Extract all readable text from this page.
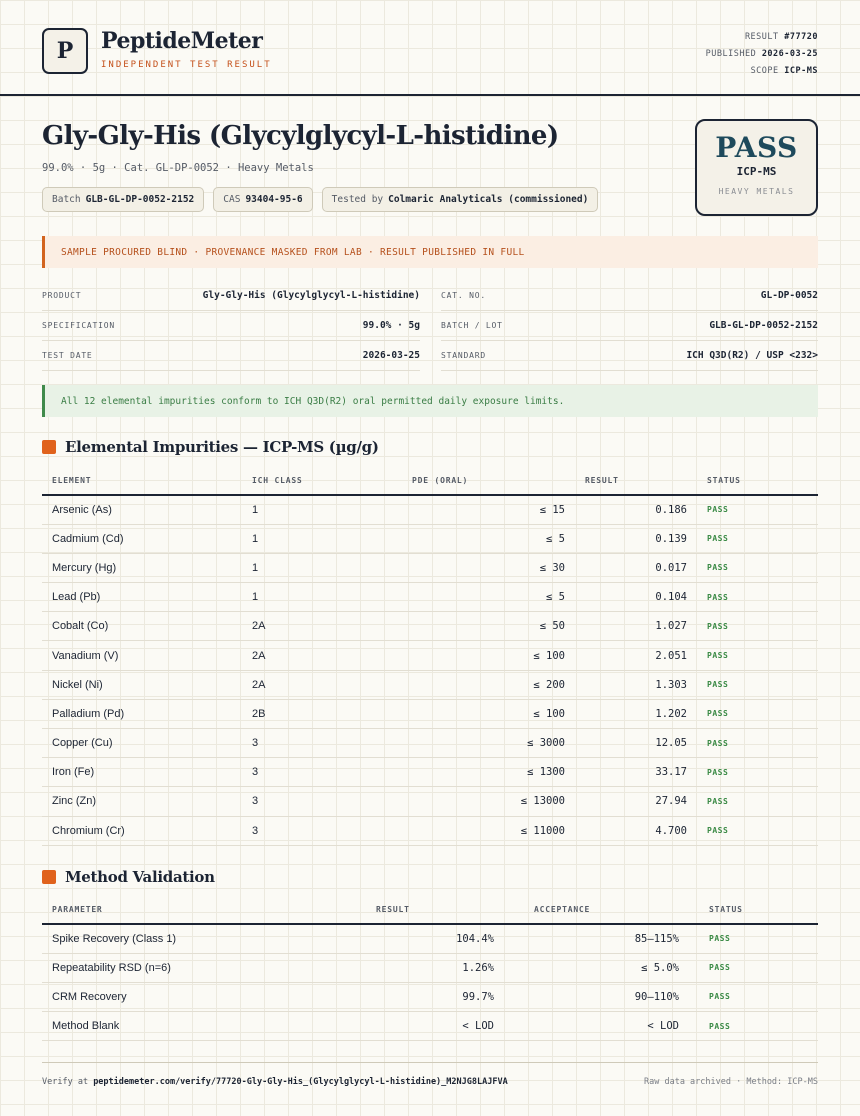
P	PeptideMeter
INDEPENDENT TEST RESULT
RESULT #77720
PUBLISHED 2026-03-25
SCOPE ICP-MS
Gly-Gly-His (Glycylglycyl-L-histidine)
99.0% · 5g · Cat. GL-DP-0052 · Heavy Metals
Batch GLB-GL-DP-0052-2152	CAS 93404-95-6	Tested by Colmaric Analyticals (commissioned)
PASS
ICP-MS
HEAVY METALS
SAMPLE PROCURED BLIND · PROVENANCE MASKED FROM LAB · RESULT PUBLISHED IN FULL
PRODUCT	Gly-Gly-His (Glycylglycyl-L-histidine)	CAT. NO.	GL-DP-0052
SPECIFICATION	99.0% · 5g	BATCH / LOT	GLB-GL-DP-0052-2152
TEST DATE	2026-03-25	STANDARD	ICH Q3D(R2) / USP <232>
All 12 elemental impurities conform to ICH Q3D(R2) oral permitted daily exposure limits.
Elemental Impurities — ICP-MS (µg/g)
ELEMENT	ICH CLASS	PDE (ORAL)	RESULT	STATUS
Arsenic (As)	1	≤ 15	0.186	PASS
Cadmium (Cd)	1	≤ 5	0.139	PASS
Mercury (Hg)	1	≤ 30	0.017	PASS
Lead (Pb)	1	≤ 5	0.104	PASS
Cobalt (Co)	2A	≤ 50	1.027	PASS
Vanadium (V)	2A	≤ 100	2.051	PASS
Nickel (Ni)	2A	≤ 200	1.303	PASS
Palladium (Pd)	2B	≤ 100	1.202	PASS
Copper (Cu)	3	≤ 3000	12.05	PASS
Iron (Fe)	3	≤ 1300	33.17	PASS
Zinc (Zn)	3	≤ 13000	27.94	PASS
Chromium (Cr)	3	≤ 11000	4.700	PASS
Method Validation
PARAMETER	RESULT	ACCEPTANCE	STATUS
Spike Recovery (Class 1)	104.4%	85–115%	PASS
Repeatability RSD (n=6)	1.26%	≤ 5.0%	PASS
CRM Recovery	99.7%	90–110%	PASS
Method Blank	< LOD	< LOD	PASS
Verify at peptidemeter.com/verify/77720-Gly-Gly-His_(Glycylglycyl-L-histidine)_M2NJG8LAJFVA	Raw data archived · Method: ICP-MS
